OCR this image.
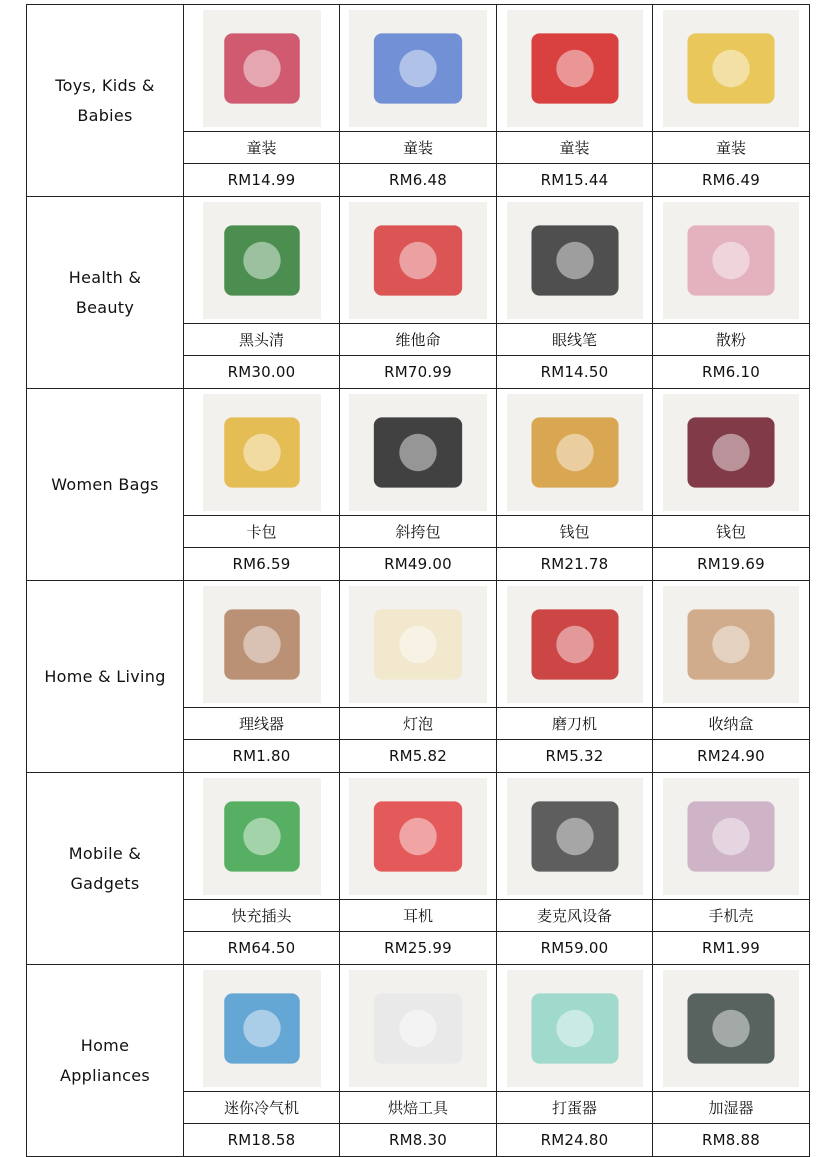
Toys, Kids &
Babies	

	童装	童装	童装	童装
	RM14.99	RM6.48	RM15.44	RM6.49
Health &
Beauty	

	黑头清	维他命	眼线笔	散粉
	RM30.00	RM70.99	RM14.50	RM6.10
Women Bags	

	卡包	斜挎包	钱包	钱包
	RM6.59	RM49.00	RM21.78	RM19.69
Home & Living	

	理线器	灯泡	磨刀机	收纳盒
	RM1.80	RM5.82	RM5.32	RM24.90
Mobile &
Gadgets	

	快充插头	耳机	麦克风设备	手机壳
	RM64.50	RM25.99	RM59.00	RM1.99
Home
Appliances	

	迷你冷气机	烘焙工具	打蛋器	加湿器
	RM18.58	RM8.30	RM24.80	RM8.88
